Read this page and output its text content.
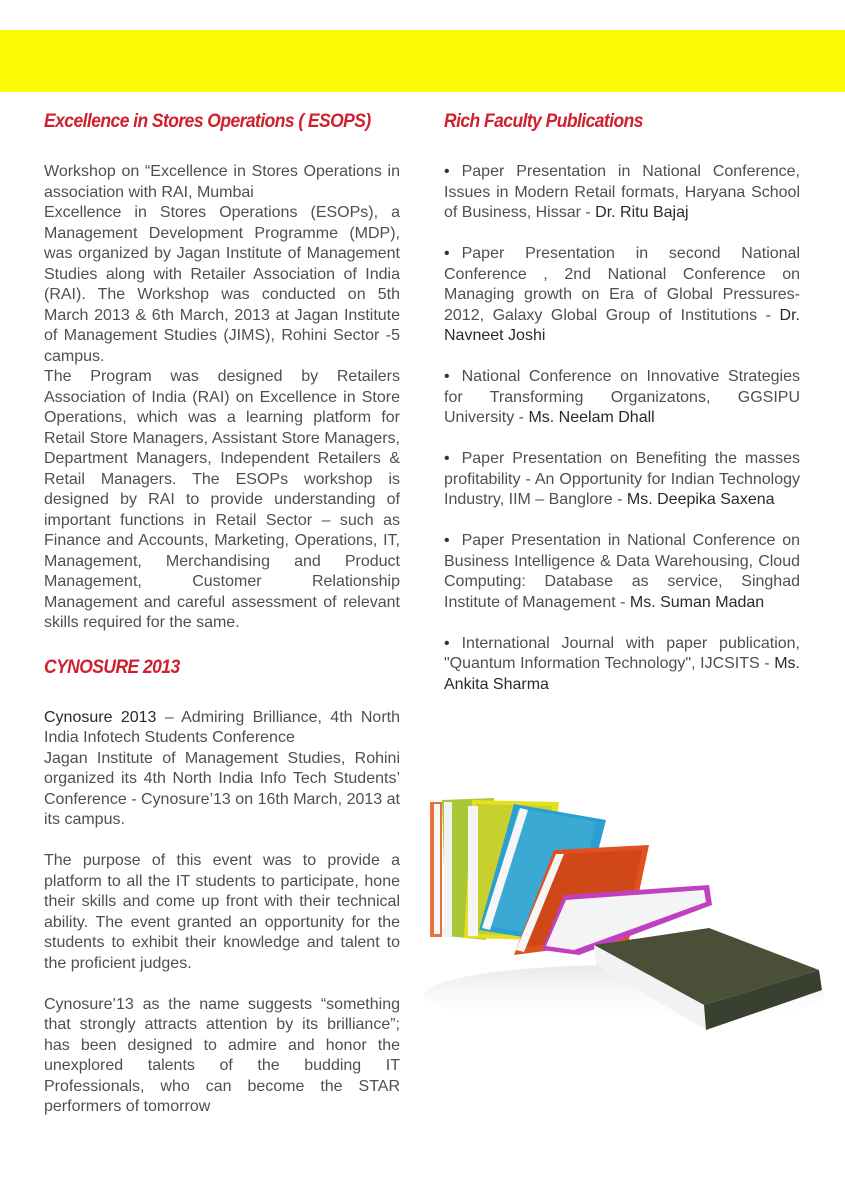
Excellence in Stores Operations ( ESOPS)

Workshop on “Excellence in Stores Operations in association with RAI, Mumbai

Excellence in Stores Operations (ESOPs), a Management Development Programme (MDP), was organized by Jagan Institute of Management Studies along with Retailer Association of India (RAI). The Workshop was conducted on 5th March 2013 & 6th March, 2013 at Jagan Institute of Management Studies (JIMS), Rohini Sector -5 campus.

The Program was designed by Retailers Association of India (RAI) on Excellence in Store Operations, which was a learning platform for Retail Store Managers, Assistant Store Managers, Department Managers, Independent Retailers & Retail Managers. The ESOPs workshop is designed by RAI to provide understanding of important functions in Retail Sector – such as Finance and Accounts, Marketing, Operations, IT, Management, Merchandising and Product Management, Customer Relationship Management and careful assessment of relevant skills required for the same.

CYNOSURE 2013

Cynosure 2013 – Admiring Brilliance, 4th North India Infotech Students Conference

Jagan Institute of Management Studies, Rohini organized its 4th North India Info Tech Students’ Conference - Cynosure’13 on 16th March, 2013 at its campus.

The purpose of this event was to provide a platform to all the IT students to participate, hone their skills and come up front with their technical ability. The event granted an opportunity for the students to exhibit their knowledge and talent to the proficient judges.

Cynosure’13 as the name suggests “something that strongly attracts attention by its brilliance”; has been designed to admire and honor the unexplored talents of the budding IT Professionals, who can become the STAR performers of tomorrow

Rich Faculty Publications

• Paper Presentation in National Conference, Issues in Modern Retail formats, Haryana School of Business, Hissar - Dr. Ritu Bajaj

• Paper Presentation in second National Conference , 2nd National Conference on Managing growth on Era of Global Pressures-2012, Galaxy Global Group of Institutions - Dr. Navneet Joshi

• National Conference on Innovative Strategies for Transforming Organizatons, GGSIPU University - Ms. Neelam Dhall

• Paper Presentation on Benefiting the masses profitability - An Opportunity for Indian Technology Industry, IIM – Banglore - Ms. Deepika Saxena

• Paper Presentation in National Conference on Business Intelligence & Data Warehousing, Cloud Computing: Database as service, Singhad Institute of Management - Ms. Suman Madan

• International Journal with paper publication, "Quantum Information Technology", IJCSITS - Ms. Ankita Sharma
